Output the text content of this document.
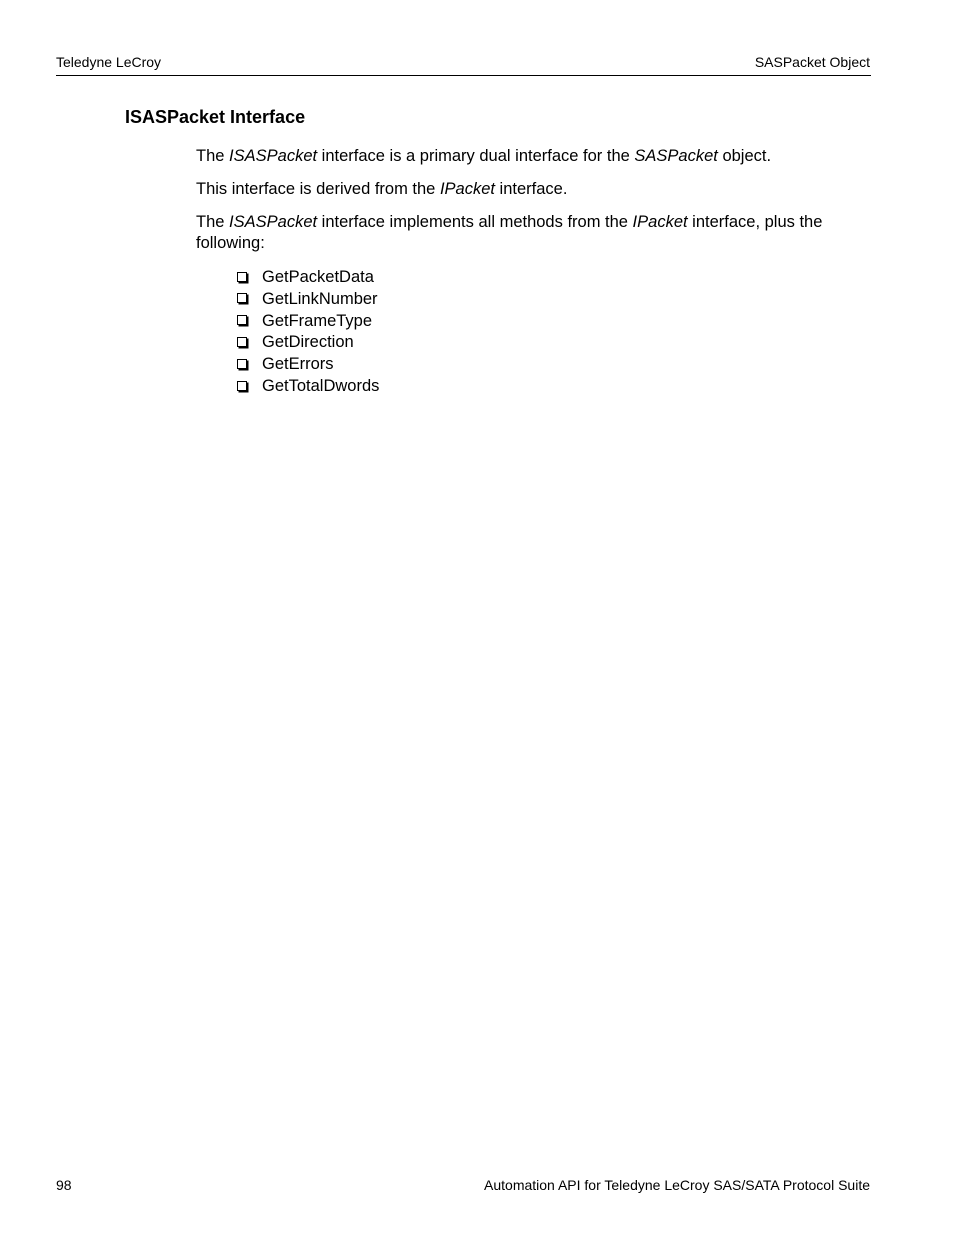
Teledyne LeCroy	SASPacket Object
ISASPacket Interface

The ISASPacket interface is a primary dual interface for the SASPacket object.

This interface is derived from the IPacket interface.

The ISASPacket interface implements all methods from the IPacket interface, plus the following:

GetPacketData
GetLinkNumber
GetFrameType
GetDirection
GetErrors
GetTotalDwords
98	Automation API for Teledyne LeCroy SAS/SATA Protocol Suite
